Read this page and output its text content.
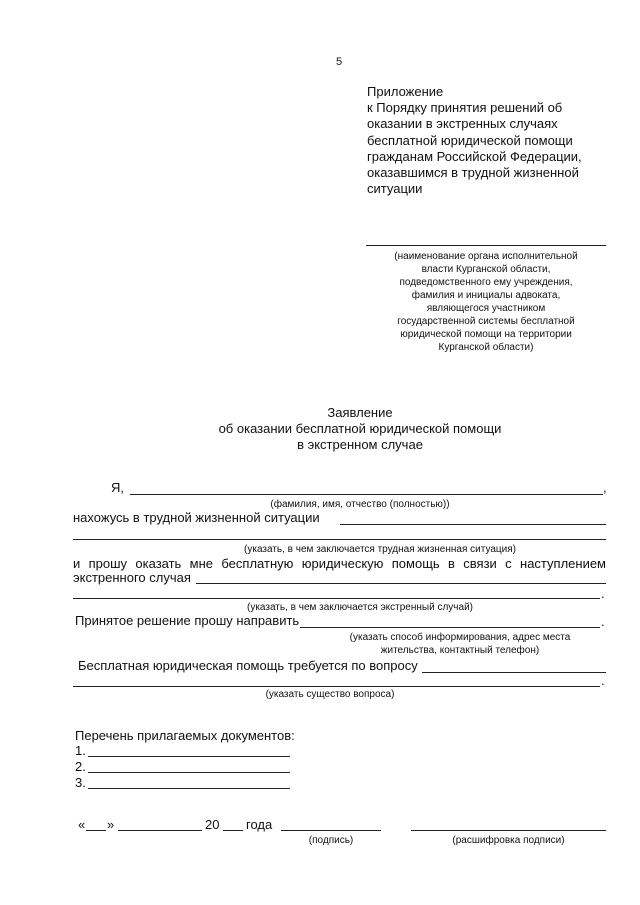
5
Приложение
к Порядку принятия решений об
оказании в экстренных случаях
бесплатной юридической помощи
гражданам Российской Федерации,
оказавшимся в трудной жизненной
ситуации
(наименование органа исполнительной
власти Курганской области,
подведомственного ему учреждения,
фамилия и инициалы адвоката,
являющегося участником
государственной системы бесплатной
юридической помощи на территории
Курганской области)
Заявление
об оказании бесплатной юридической помощи
в экстренном случае
Я,	,
(фамилия, имя, отчество (полностью))
нахожусь в трудной жизненной ситуации
(указать, в чем заключается трудная жизненная ситуация)
и прошу оказать мне бесплатную юридическую помощь в связи с наступлением
экстренного случая
.
(указать, в чем заключается экстренный случай)
Принятое решение прошу направить	.
(указать способ информирования, адрес места
жительства, контактный телефон)
Бесплатная юридическая помощь требуется по вопросу
.
(указать существо вопроса)
Перечень прилагаемых документов:
1.
2.
3.
« »	20 года
(подпись)	(расшифровка подписи)
